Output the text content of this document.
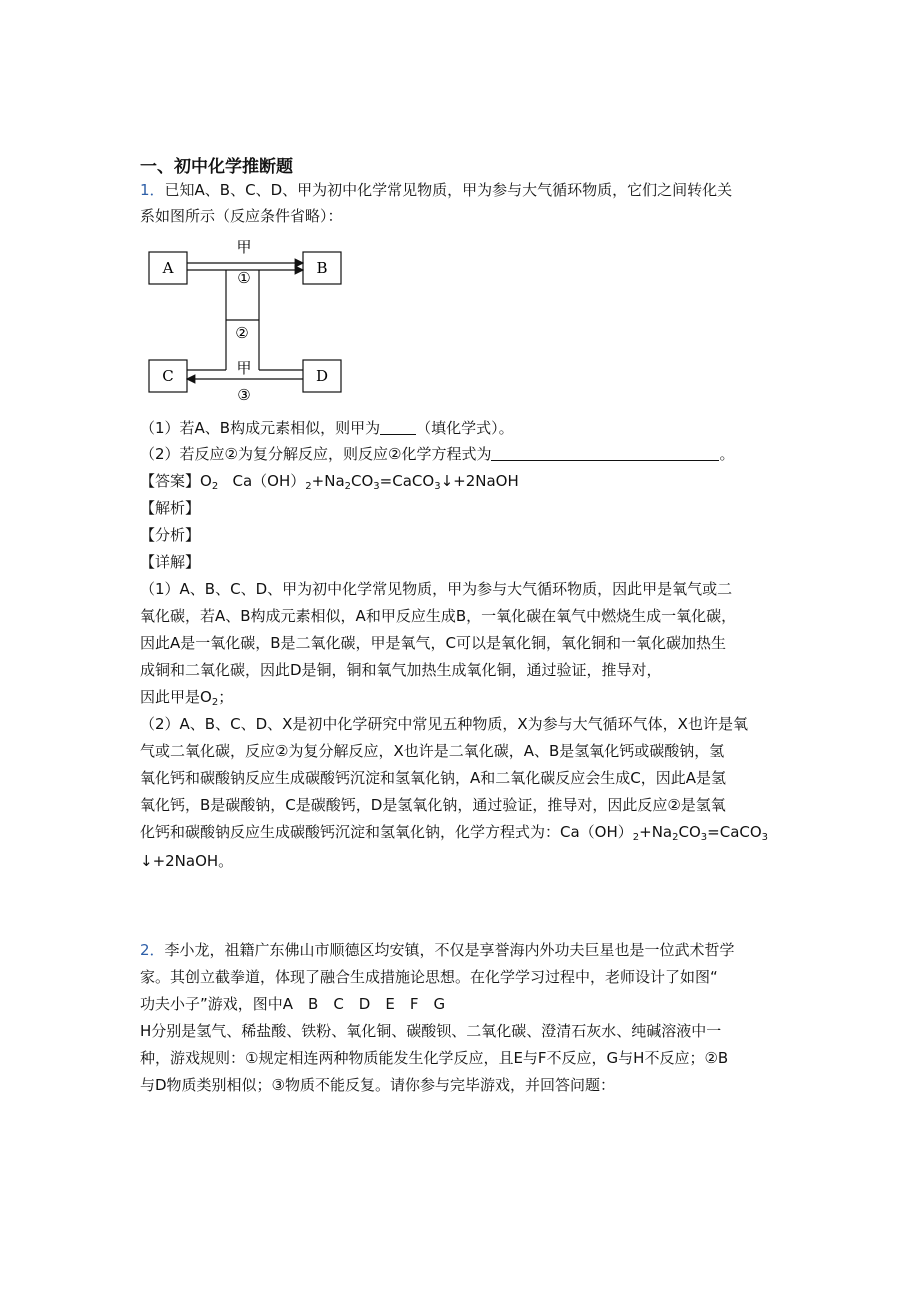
一、初中化学推断题
1．已知A、B、C、D、甲为初中化学常见物质，甲为参与大气循环物质，它们之间转化关
系如图所示（反应条件省略）：
A	B
C	D
甲
①
②
甲
③
（1）若A、B构成元素相似，则甲为 （填化学式）。
（2）若反应②为复分解反应，则反应②化学方程式为	。
【答案】$O_2$ $Ca(OH)_2+Na_2CO_3=CaCO_3↓+2NaOH$
【解析】
【分析】
【详解】
（1）A、B、C、D、甲为初中化学常见物质，甲为参与大气循环物质，因此甲是氧气或二
氧化碳，若A、B构成元素相似，A和甲反应生成B，一氧化碳在氧气中燃烧生成一氧化碳，
因此A是一氧化碳，B是二氧化碳，甲是氧气，C可以是氧化铜，氧化铜和一氧化碳加热生
成铜和二氧化碳，因此D是铜，铜和氧气加热生成氧化铜，通过验证，推导对，
因此甲是$O_2$；
（2）A、B、C、D、X是初中化学研究中常见五种物质，X为参与大气循环气体，X也许是氧
气或二氧化碳，反应②为复分解反应，X也许是二氧化碳，A、B是氢氧化钙或碳酸钠，氢
氧化钙和碳酸钠反应生成碳酸钙沉淀和氢氧化钠，A和二氧化碳反应会生成C，因此A是氢
氧化钙，B是碳酸钠，C是碳酸钙，D是氢氧化钠，通过验证，推导对，因此反应②是氢氧
化钙和碳酸钠反应生成碳酸钙沉淀和氢氧化钠，化学方程式为：$Ca(OH)_2+Na_2CO_3=CaCO_3$
↓+2NaOH。
2．李小龙，祖籍广东佛山市顺德区均安镇，不仅是享誉海内外功夫巨星也是一位武术哲学
家。其创立截拳道，体现了融合生成措施论思想。在化学学习过程中，老师设计了如图“
功夫小子”游戏，图中A　B　C　D　E　F　G
H分别是氢气、稀盐酸、铁粉、氧化铜、碳酸钡、二氧化碳、澄清石灰水、纯碱溶液中一
种，游戏规则：①规定相连两种物质能发生化学反应，且E与F不反应，G与H不反应；②B
与D物质类别相似；③物质不能反复。请你参与完毕游戏，并回答问题：
